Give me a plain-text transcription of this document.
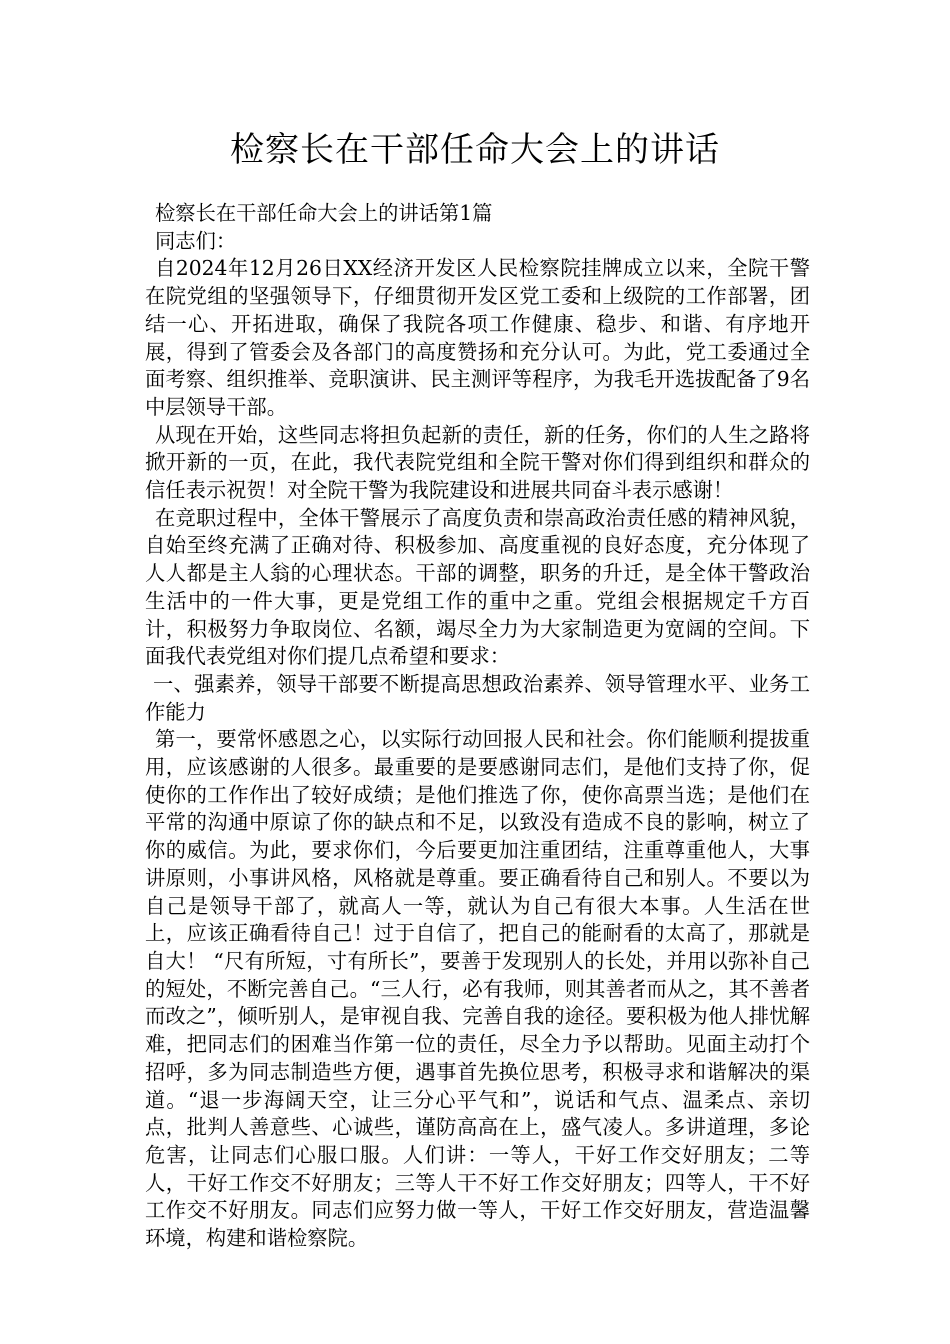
检察长在干部任命大会上的讲话

检察长在干部任命大会上的讲话第1篇

同志们：

自2024年12月26日XX经济开发区人民检察院挂牌成立以来，全院干警在院党组的坚强领导下，仔细贯彻开发区党工委和上级院的工作部署，团结一心、开拓进取，确保了我院各项工作健康、稳步、和谐、有序地开展，得到了管委会及各部门的高度赞扬和充分认可。为此，党工委通过全面考察、组织推举、竞职演讲、民主测评等程序，为我毛开选拔配备了9名中层领导干部。

从现在开始，这些同志将担负起新的责任，新的任务，你们的人生之路将掀开新的一页，在此，我代表院党组和全院干警对你们得到组织和群众的信任表示祝贺！对全院干警为我院建设和进展共同奋斗表示感谢！

在竞职过程中，全体干警展示了高度负责和崇高政治责任感的精神风貌，自始至终充满了正确对待、积极参加、高度重视的良好态度，充分体现了人人都是主人翁的心理状态。干部的调整，职务的升迁，是全体干警政治生活中的一件大事，更是党组工作的重中之重。党组会根据规定千方百计，积极努力争取岗位、名额，竭尽全力为大家制造更为宽阔的空间。下面我代表党组对你们提几点希望和要求：

一、强素养，领导干部要不断提高思想政治素养、领导管理水平、业务工作能力

第一，要常怀感恩之心，以实际行动回报人民和社会。你们能顺利提拔重用，应该感谢的人很多。最重要的是要感谢同志们，是他们支持了你，促使你的工作作出了较好成绩；是他们推选了你，使你高票当选；是他们在平常的沟通中原谅了你的缺点和不足，以致没有造成不良的影响，树立了你的威信。为此，要求你们，今后要更加注重团结，注重尊重他人，大事讲原则，小事讲风格，风格就是尊重。要正确看待自己和别人。不要以为自己是领导干部了，就高人一等，就认为自己有很大本事。人生活在世上，应该正确看待自己！过于自信了，把自己的能耐看的太高了，那就是自大！ “尺有所短，寸有所长”，要善于发现别人的长处，并用以弥补自己的短处，不断完善自己。“三人行，必有我师，则其善者而从之，其不善者而改之”，倾听别人，是审视自我、完善自我的途径。要积极为他人排忧解难，把同志们的困难当作第一位的责任，尽全力予以帮助。见面主动打个招呼，多为同志制造些方便，遇事首先换位思考，积极寻求和谐解决的渠道。“退一步海阔天空，让三分心平气和”，说话和气点、温柔点、亲切点，批判人善意些、心诚些，谨防高高在上，盛气凌人。多讲道理，多论危害，让同志们心服口服。人们讲：一等人，干好工作交好朋友；二等人，干好工作交不好朋友；三等人干不好工作交好朋友；四等人，干不好工作交不好朋友。同志们应努力做一等人，干好工作交好朋友，营造温馨环境，构建和谐检察院。
